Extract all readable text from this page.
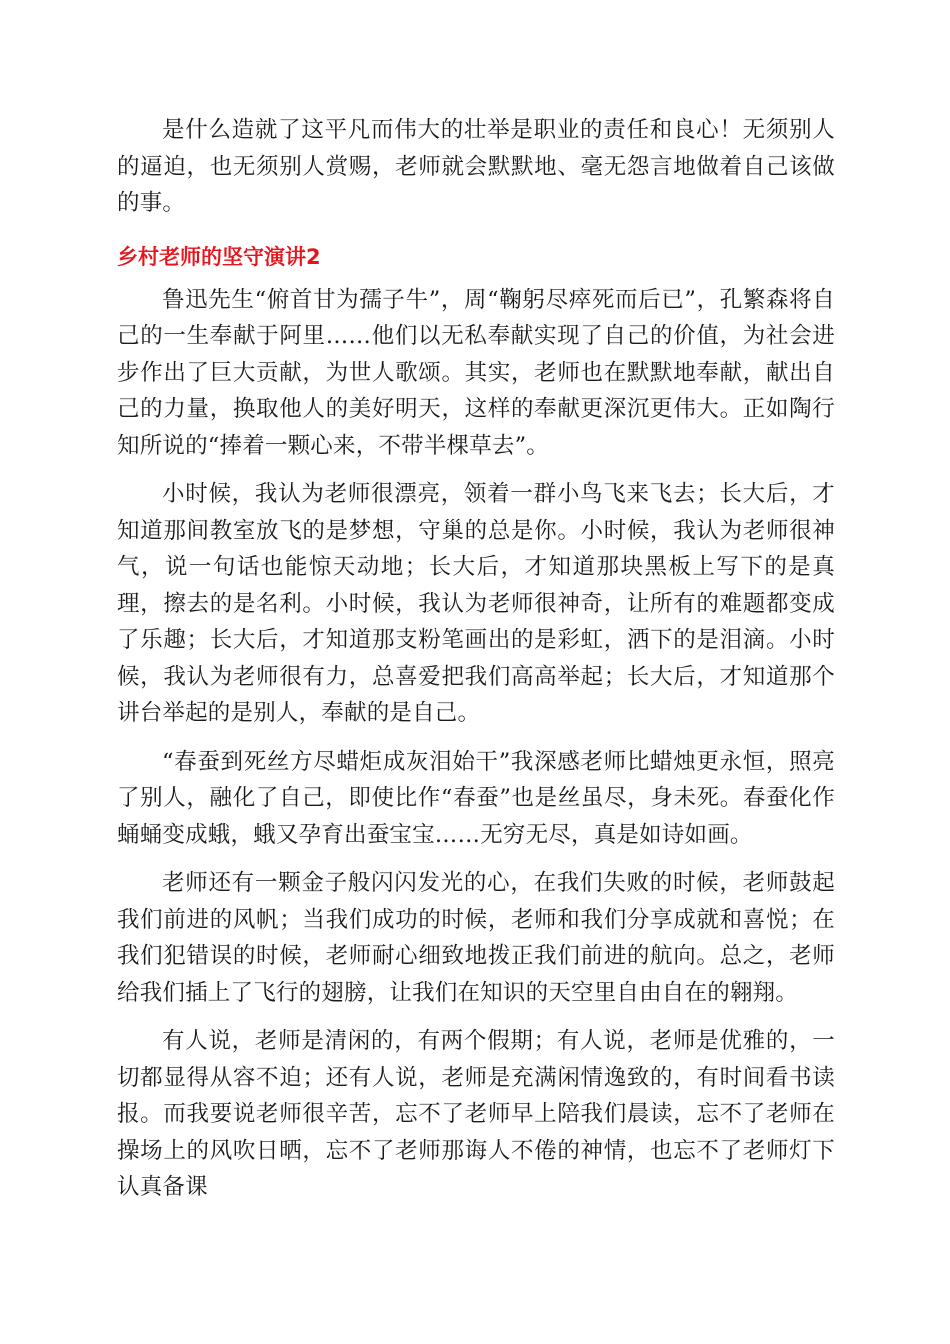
是什么造就了这平凡而伟大的壮举是职业的责任和良心！无须别人的逼迫，也无须别人赏赐，老师就会默默地、毫无怨言地做着自己该做的事。

乡村老师的坚守演讲2

鲁迅先生“俯首甘为孺子牛”，周“鞠躬尽瘁死而后已”，孔繁森将自己的一生奉献于阿里……他们以无私奉献实现了自己的价值，为社会进步作出了巨大贡献，为世人歌颂。其实，老师也在默默地奉献，献出自己的力量，换取他人的美好明天，这样的奉献更深沉更伟大。正如陶行知所说的“捧着一颗心来，不带半棵草去”。

小时候，我认为老师很漂亮，领着一群小鸟飞来飞去；长大后，才知道那间教室放飞的是梦想，守巢的总是你。小时候，我认为老师很神气，说一句话也能惊天动地；长大后，才知道那块黑板上写下的是真理，擦去的是名利。小时候，我认为老师很神奇，让所有的难题都变成了乐趣；长大后，才知道那支粉笔画出的是彩虹，洒下的是泪滴。小时候，我认为老师很有力，总喜爱把我们高高举起；长大后，才知道那个讲台举起的是别人，奉献的是自己。

“春蚕到死丝方尽蜡炬成灰泪始干”我深感老师比蜡烛更永恒，照亮了别人，融化了自己，即使比作“春蚕”也是丝虽尽，身未死。春蚕化作蛹蛹变成蛾，蛾又孕育出蚕宝宝……无穷无尽，真是如诗如画。

老师还有一颗金子般闪闪发光的心，在我们失败的时候，老师鼓起我们前进的风帆；当我们成功的时候，老师和我们分享成就和喜悦；在我们犯错误的时候，老师耐心细致地拨正我们前进的航向。总之，老师给我们插上了飞行的翅膀，让我们在知识的天空里自由自在的翱翔。

有人说，老师是清闲的，有两个假期；有人说，老师是优雅的，一切都显得从容不迫；还有人说，老师是充满闲情逸致的，有时间看书读报。而我要说老师很辛苦，忘不了老师早上陪我们晨读，忘不了老师在操场上的风吹日晒，忘不了老师那诲人不倦的神情，也忘不了老师灯下认真备课
